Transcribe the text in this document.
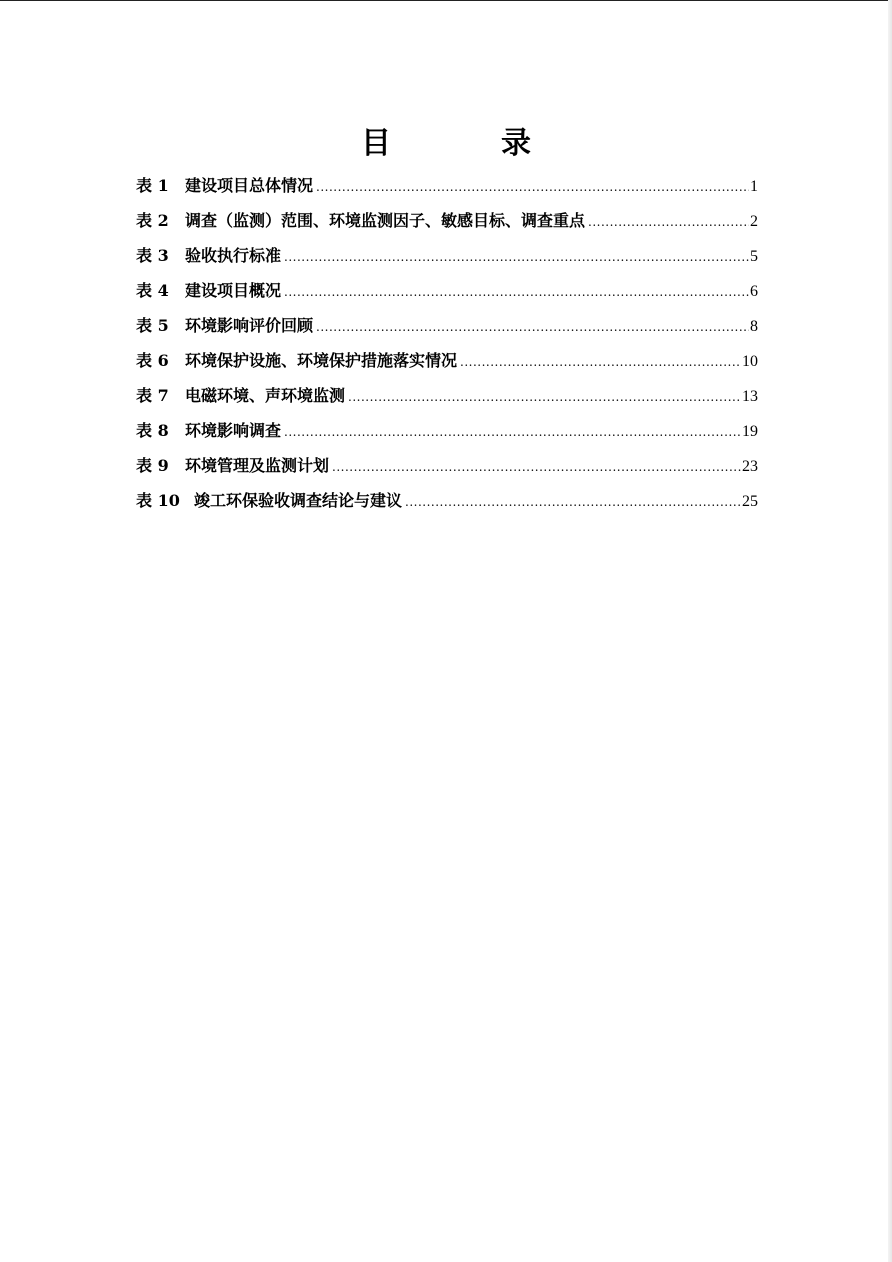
目　录
表 1	建设项目总体情况 .....	1
表 2	调查（监测）范围、环境监测因子、敏感目标、调查重点 .....	2
表 3	验收执行标准 .....	5
表 4	建设项目概况 .....	6
表 5	环境影响评价回顾 .....	8
表 6	环境保护设施、环境保护措施落实情况 .....	10
表 7	电磁环境、声环境监测 .....	13
表 8	环境影响调查 .....	19
表 9	环境管理及监测计划 .....	23
表 10 竣工环保验收调查结论与建议 .....	25
